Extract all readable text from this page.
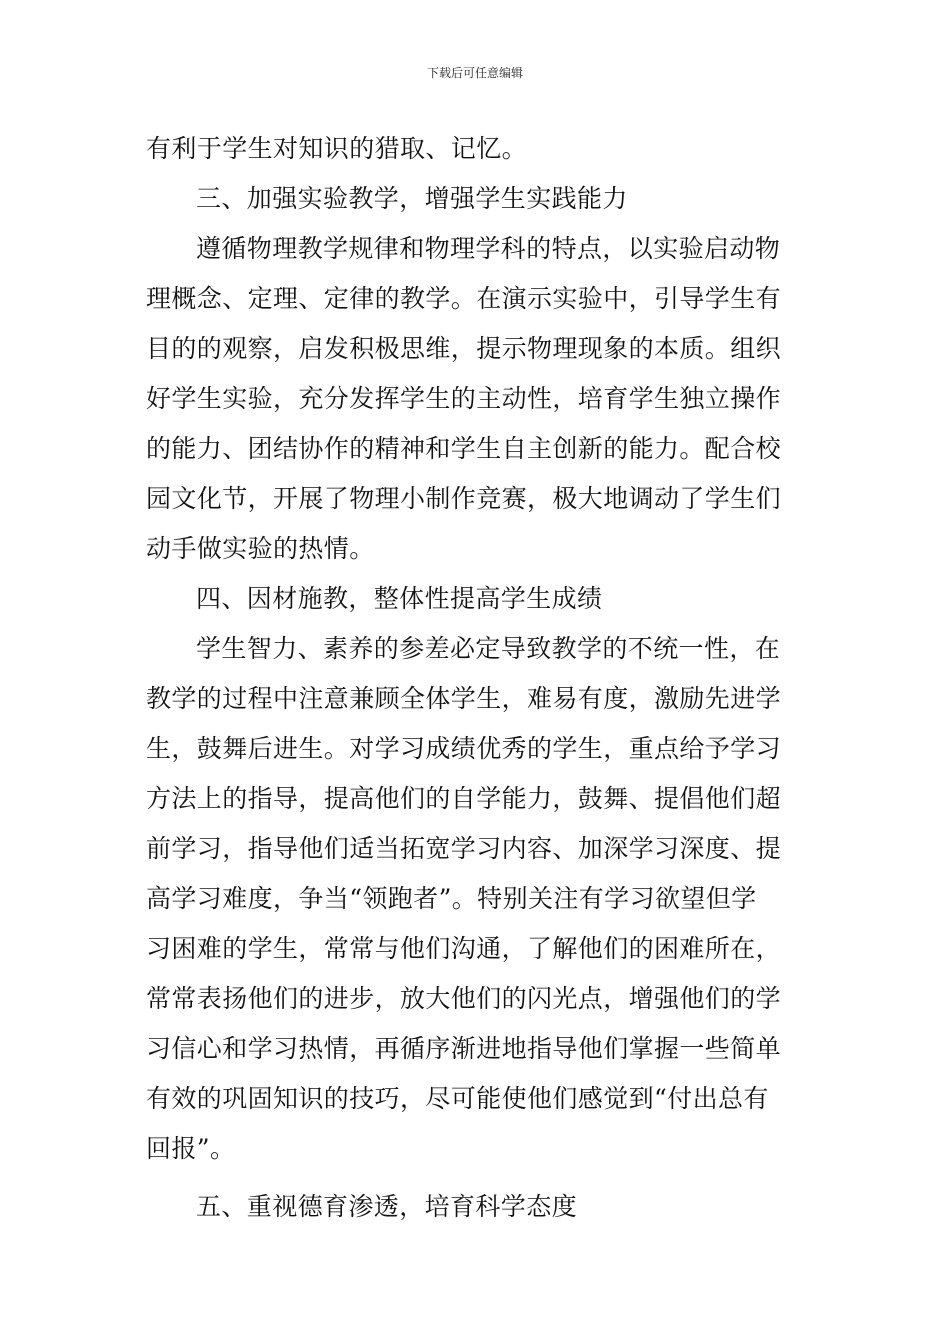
下载后可任意编辑
有利于学生对知识的猎取、记忆。
三、加强实验教学，增强学生实践能力
遵循物理教学规律和物理学科的特点，以实验启动物
理概念、定理、定律的教学。在演示实验中，引导学生有
目的的观察，启发积极思维，提示物理现象的本质。组织
好学生实验，充分发挥学生的主动性，培育学生独立操作
的能力、团结协作的精神和学生自主创新的能力。配合校
园文化节，开展了物理小制作竞赛，极大地调动了学生们
动手做实验的热情。
四、因材施教，整体性提高学生成绩
学生智力、素养的参差必定导致教学的不统一性，在
教学的过程中注意兼顾全体学生，难易有度，激励先进学
生，鼓舞后进生。对学习成绩优秀的学生，重点给予学习
方法上的指导，提高他们的自学能力，鼓舞、提倡他们超
前学习，指导他们适当拓宽学习内容、加深学习深度、提
高学习难度，争当“领跑者”。特别关注有学习欲望但学
习困难的学生，常常与他们沟通，了解他们的困难所在，
常常表扬他们的进步，放大他们的闪光点，增强他们的学
习信心和学习热情，再循序渐进地指导他们掌握一些简单
有效的巩固知识的技巧，尽可能使他们感觉到“付出总有
回报”。
五、重视德育渗透，培育科学态度
